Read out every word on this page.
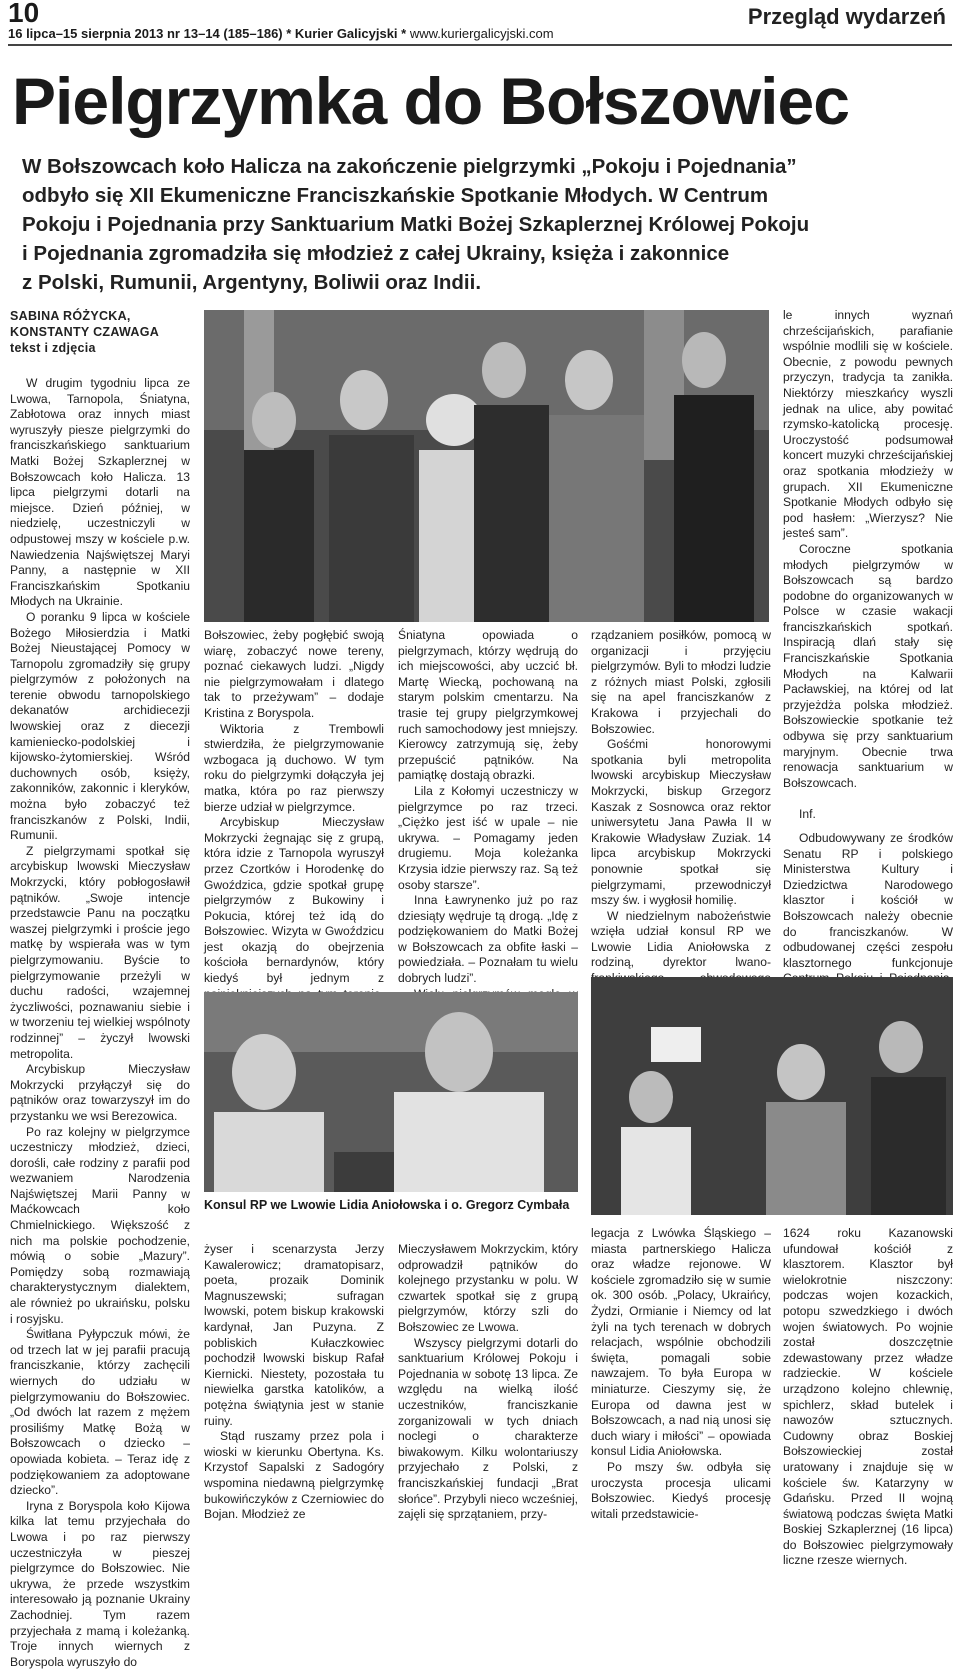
10
16 lipca–15 sierpnia 2013 nr 13–14 (185–186) * Kurier Galicyjski * www.kuriergalicyjski.com
Przegląd wydarzeń
Pielgrzymka do Bołszowiec

W Bołszowcach koło Halicza na zakończenie pielgrzymki „Pokoju i Pojednania”

odbyło się XII Ekumeniczne Franciszkańskie Spotkanie Młodych. W Centrum

Pokoju i Pojednania przy Sanktuarium Matki Bożej Szkaplerznej Królowej Pokoju

i Pojednania zgromadziła się młodzież z całej Ukrainy, księża i zakonnice

z Polski, Rumunii, Argentyny, Boliwii oraz Indii.

SABINA RÓŻYCKA,
KONSTANTY CZAWAGA
tekst i zdjęcia

W drugim tygodniu lipca ze Lwowa, Tarnopola, Śniatyna, Zabłotowa oraz innych miast wyruszyły piesze pielgrzymki do franciszkańskiego sanktuarium Matki Bożej Szkaplerznej w Bołszowcach koło Halicza. 13 lipca pielgrzymi dotarli na miejsce. Dzień później, w niedzielę, uczestniczyli w odpustowej mszy w kościele p.w. Nawiedzenia Najświętszej Maryi Panny, a następnie w XII Franciszkańskim Spotkaniu Młodych na Ukrainie.

O poranku 9 lipca w kościele Bożego Miłosierdzia i Matki Bożej Nieustającej Pomocy w Tarnopolu zgromadziły się grupy pielgrzymów z położonych na terenie obwodu tarnopolskiego dekanatów archidiecezji lwowskiej oraz z diecezji kamieniecko-podolskiej i kijowsko-żytomierskiej. Wśród duchownych osób, księży, zakonników, zakonnic i kleryków, można było zobaczyć też franciszkanów z Polski, Indii, Rumunii.

Z pielgrzymami spotkał się arcybiskup lwowski Mieczysław Mokrzycki, który pobłogosławił pątników. „Swoje intencje przedstawcie Panu na początku waszej pielgrzymki i proście jego matkę by wspierała was w tym pielgrzymowaniu. Byście to pielgrzymowanie przeżyli w duchu radości, wzajemnej życzliwości, poznawaniu siebie i w tworzeniu tej wielkiej wspólnoty rodzinnej” – życzył lwowski metropolita.

Arcybiskup Mieczysław Mokrzycki przyłączył się do pątników oraz towarzyszył im do przystanku we wsi Berezowica.

Po raz kolejny w pielgrzymce uczestniczy młodzież, dzieci, dorośli, całe rodziny z parafii pod wezwaniem Narodzenia Najświętszej Marii Panny w Maćkowcach koło Chmielnickiego. Większość z nich ma polskie pochodzenie, mówią o sobie „Mazury”. Pomiędzy sobą rozmawiają charakterystycznym dialektem, ale również po ukraińsku, polsku i rosyjsku.

Świtłana Pyłypczuk mówi, że od trzech lat w jej parafii pracują franciszkanie, którzy zachęcili wiernych do udziału w pielgrzymowaniu do Bołszowiec. „Od dwóch lat razem z mężem prosiliśmy Matkę Bożą w Bołszowcach o dziecko – opowiada kobieta. – Teraz idę z podziękowaniem za adoptowane dziecko”.

Iryna z Boryspola koło Kijowa kilka lat temu przyjechała do Lwowa i po raz pierwszy uczestniczyła w pieszej pielgrzymce do Bołszowiec. Nie ukrywa, że przede wszystkim interesowało ją poznanie Ukrainy Zachodniej. Tym razem przyjechała z mamą i koleżanką. Troje innych wiernych z Boryspola wyruszyło do

Bołszowiec, żeby pogłębić swoją wiarę, zobaczyć nowe tereny, poznać ciekawych ludzi. „Nigdy nie pielgrzymowałam i dlatego tak to przeżywam” – dodaje Kristina z Boryspola.

Wiktoria z Trembowli stwierdziła, że pielgrzymowanie wzbogaca ją duchowo. W tym roku do pielgrzymki dołączyła jej matka, która po raz pierwszy bierze udział w pielgrzymce.

Arcybiskup Mieczysław Mokrzycki żegnając się z grupą, która idzie z Tarnopola wyruszył przez Czortków i Horodenkę do Gwoździca, gdzie spotkał grupę pielgrzymów z Bukowiny i Pokucia, której też idą do Bołszowiec. Wizyta w Gwoździcu jest okazją do obejrzenia kościoła bernardynów, który kiedyś był jednym z

Śniatyna opowiada o pielgrzymach, którzy wędrują do ich miejscowości, aby uczcić bł. Martę Wiecką, pochowaną na starym polskim cmentarzu. Na trasie tej grupy pielgrzymkowej ruch samochodowy jest mniejszy. Kierowcy zatrzymują się, żeby przepuścić pątników. Na pamiątkę dostają obrazki.

Lila z Kołomyi uczestniczy w pielgrzymce po raz trzeci. „Ciężko jest iść w upale – nie ukrywa. – Pomagamy jeden drugiemu. Moja koleżanka Krzysia idzie pierwszy raz. Są też osoby starsze”.

Inna Ławrynenko już po raz dziesiąty wędruje tą drogą. „Idę z podziękowaniem do Matki Bożej w Bołszowcach za obfite łaski – powiedziała. – Poznałam tu wielu dobrych ludzi”.

rządzaniem posiłków, pomocą w organizacji i przyjęciu pielgrzymów. Byli to młodzi ludzie z różnych miast Polski, zgłosili się na apel franciszkanów z Krakowa i przyjechali do Bołszowiec.

Gośćmi honorowymi spotkania byli metropolita lwowski arcybiskup Mieczysław Mokrzycki, biskup Grzegorz Kaszak z Sosnowca oraz rektor uniwersytetu Jana Pawła II w Krakowie Władysław Zuziak. 14 lipca arcybiskup Mokrzycki ponownie spotkał się pielgrzymami, przewodniczył mszy św. i wygłosił homilię.

W niedzielnym nabożeństwie wzięła udział konsul RP we Lwowie Lidia Aniołowska z rodziną, dyrektor lwano-

le innych wyznań chrześcijańskich, parafianie wspólnie modlili się w kościele. Obecnie, z powodu pewnych przyczyn, tradycja ta zanikła. Niektórzy mieszkańcy wyszli jednak na ulice, aby powitać rzymsko-katolicką procesję. Uroczystość podsumował koncert muzyki chrześcijańskiej oraz spotkania młodzieży w grupach. XII Ekumeniczne Spotkanie Młodych odbyło się pod hasłem: „Wierzysz? Nie jesteś sam”.

Coroczne spotkania młodych pielgrzymów w Bołszowcach są bardzo podobne do organizowanych w Polsce w czasie wakacji franciszkańskich spotkań. Inspiracją dlań stały się Franciszkańskie Spotkania Młodych na Kalwarii Pacławskiej, na której od lat przyjeżdża polska młodzież. Bołszowieckie spotkanie też odbywa się przy sanktuarium maryjnym. Obecnie trwa renowacja sanktuarium w Bołszowcach.

Inf.

Odbudowywany ze środków Senatu RP i polskiego Ministerstwa Kultury i Dziedzictwa Narodowego klasztor i kościół w Bołszowcach należy obecnie do franciszkanów. W odbudowanej części zespołu klasztornego funkcjonuje

Konsul RP we Lwowie Lidia Aniołowska i o. Gregorz Cymbała

żyser i scenarzysta Jerzy Kawalerowicz; dramatopisarz, poeta, prozaik Dominik Magnuszewski; sufragan lwowski, potem biskup krakowski kardynał, Jan Puzyna. Z pobliskich Kułaczkowiec pochodził lwowski biskup Rafał Kiernicki. Niestety, pozostała tu niewielka garstka katolików, a potężna świątynia jest w stanie ruiny.

Stąd ruszamy przez pola i wioski w kierunku Obertyna. Ks. Krzystof Sapalski z Sadogóry wspomina niedawną pielgrzymkę bukowińczyków z Czerniowiec do Bojan. Młodzież ze

Mieczysławem Mokrzyckim, który odprowadził pątników do kolejnego przystanku w polu. W czwartek spotkał się z grupą pielgrzymów, którzy szli do Bołszowiec ze Lwowa.

Wszyscy pielgrzymi dotarli do sanktuarium Królowej Pokoju i Pojednania w sobotę 13 lipca. Ze względu na wielką ilość uczestników, franciszkanie zorganizowali w tych dniach noclegi o charakterze biwakowym. Kilku wolontariuszy przyjechało z Polski, z franciszkańskiej fundacji „Brat słońce”. Przybyli nieco wcześniej, zajęli się sprzątaniem, przy-

legacja z Lwówka Śląskiego – miasta partnerskiego Halicza oraz władze rejonowe. W kościele zgromadziło się w sumie ok. 300 osób. „Polacy, Ukraińcy, Żydzi, Ormianie i Niemcy od lat żyli na tych terenach w dobrych relacjach, wspólnie obchodzili święta, pomagali sobie nawzajem. To była Europa w miniaturze. Cieszymy się, że Europa od dawna jest w Bołszowcach, a nad nią unosi się duch wiary i miłości” – opowiada konsul Lidia Aniołowska.

Po mszy św. odbyła się uroczysta procesja ulicami Bołszowiec. Kiedyś procesję witali przedstawicie-

1624 roku Kazanowski ufundował kościół z klasztorem. Klasztor był wielokrotnie niszczony: podczas wojen kozackich, potopu szwedzkiego i dwóch wojen światowych. Po wojnie został doszczętnie zdewastowany przez władze radzieckie. W kościele urządzono kolejno chlewnię, spichlerz, skład butelek i nawozów sztucznych. Cudowny obraz Boskiej Bołszowieckiej został uratowany i znajduje się w kościele św. Katarzyny w Gdańsku. Przed II wojną światową podczas święta Matki Boskiej Szkaplerznej (16 lipca) do Bołszowiec pielgrzymowały liczne rzesze wiernych.
